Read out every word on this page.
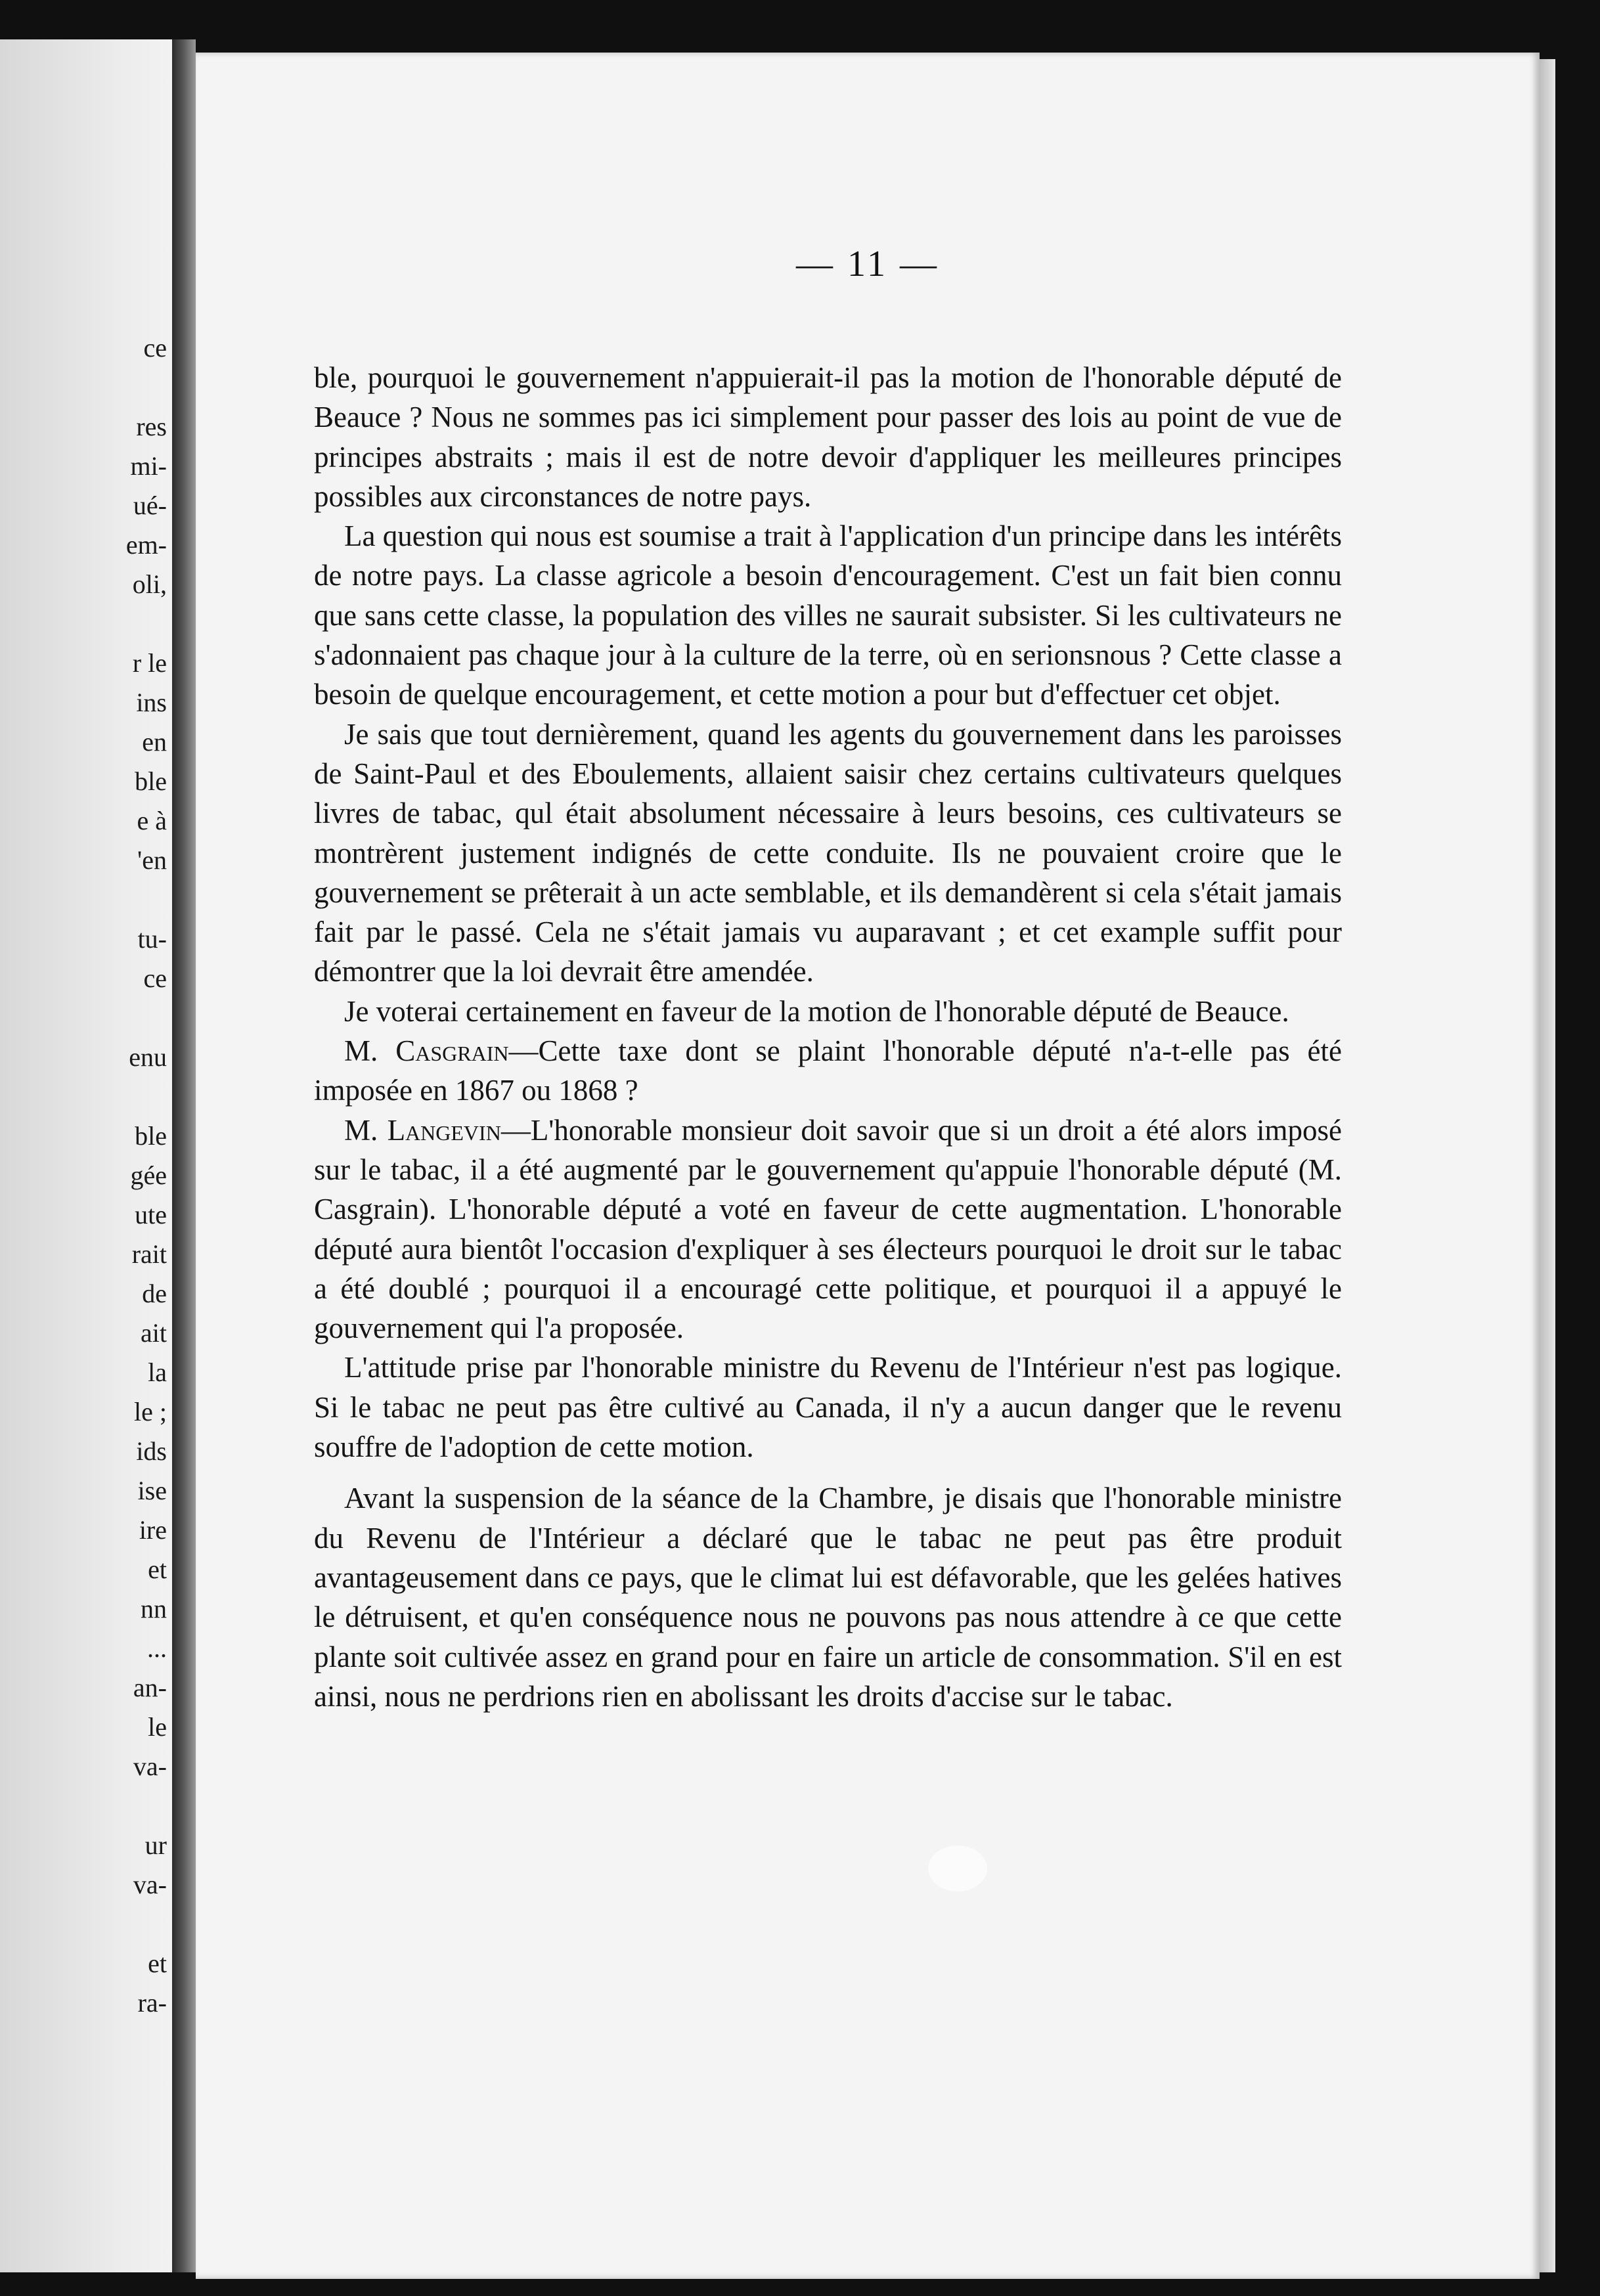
ce
res
mi-
ué-
em-
oli,
r le
ins
en
ble
e à
'en
tu-
ce
enu
ble
gée
ute
rait
de
ait
la
le ;
ids
ise
ire
et
nn
...
an-
le
va-
ur
va-
et
ra-
— 11 —

ble, pourquoi le gouvernement n'appuierait-il pas la motion de l'honorable député de Beauce ? Nous ne sommes pas ici simplement pour passer des lois au point de vue de principes abstraits ; mais il est de notre devoir d'appliquer les meilleures principes possibles aux circonstances de notre pays.

La question qui nous est soumise a trait à l'application d'un principe dans les intérêts de notre pays. La classe agricole a besoin d'encouragement. C'est un fait bien connu que sans cette classe, la population des villes ne saurait subsister. Si les cultivateurs ne s'adonnaient pas chaque jour à la culture de la terre, où en serionsnous ? Cette classe a besoin de quelque encouragement, et cette motion a pour but d'effectuer cet objet.

Je sais que tout dernièrement, quand les agents du gouvernement dans les paroisses de Saint-Paul et des Eboulements, allaient saisir chez certains cultivateurs quelques livres de tabac, qul était absolument nécessaire à leurs besoins, ces cultivateurs se montrèrent justement indignés de cette conduite. Ils ne pouvaient croire que le gouvernement se prêterait à un acte semblable, et ils demandèrent si cela s'était jamais fait par le passé. Cela ne s'était jamais vu auparavant ; et cet example suffit pour démontrer que la loi devrait être amendée.

Je voterai certainement en faveur de la motion de l'honorable député de Beauce.

M. Casgrain—Cette taxe dont se plaint l'honorable député n'a-t-elle pas été imposée en 1867 ou 1868 ?

M. Langevin—L'honorable monsieur doit savoir que si un droit a été alors imposé sur le tabac, il a été augmenté par le gouvernement qu'appuie l'honorable député (M. Casgrain). L'honorable député a voté en faveur de cette augmentation. L'honorable député aura bientôt l'occasion d'expliquer à ses électeurs pourquoi le droit sur le tabac a été doublé ; pourquoi il a encouragé cette politique, et pourquoi il a appuyé le gouvernement qui l'a proposée.

L'attitude prise par l'honorable ministre du Revenu de l'Intérieur n'est pas logique. Si le tabac ne peut pas être cultivé au Canada, il n'y a aucun danger que le revenu souffre de l'adoption de cette motion.

Avant la suspension de la séance de la Chambre, je disais que l'honorable ministre du Revenu de l'Intérieur a déclaré que le tabac ne peut pas être produit avantageusement dans ce pays, que le climat lui est défavorable, que les gelées hatives le détruisent, et qu'en conséquence nous ne pouvons pas nous attendre à ce que cette plante soit cultivée assez en grand pour en faire un article de consommation. S'il en est ainsi, nous ne perdrions rien en abolissant les droits d'accise sur le tabac.
